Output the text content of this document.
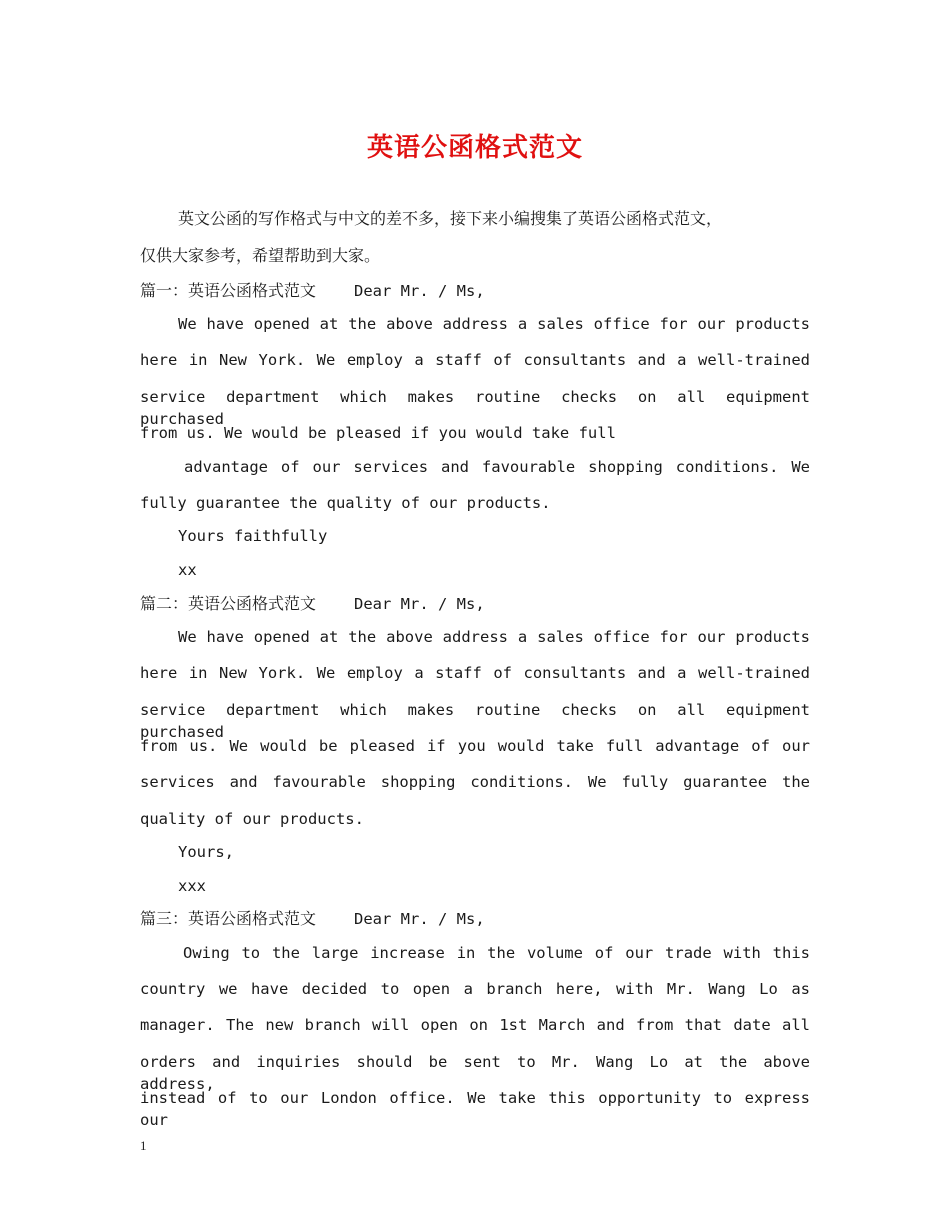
英语公函格式范文
英文公函的写作格式与中文的差不多，接下来小编搜集了英语公函格式范文，
仅供大家参考，希望帮助到大家。
篇一：英语公函格式范文 Dear Mr. / Ms,
We have opened at the above address a sales office for our products
here in New York. We employ a staff of consultants and a well-trained
service department which makes routine checks on all equipment purchased
from us. We would be pleased if you would take full
advantage of our services and favourable shopping conditions. We
fully guarantee the quality of our products.
Yours faithfully
xx
篇二：英语公函格式范文 Dear Mr. / Ms,
We have opened at the above address a sales office for our products
here in New York. We employ a staff of consultants and a well-trained
service department which makes routine checks on all equipment purchased
from us. We would be pleased if you would take full advantage of our
services and favourable shopping conditions. We fully guarantee the
quality of our products.
Yours,
xxx
篇三：英语公函格式范文 Dear Mr. / Ms,
Owing to the large increase in the volume of our trade with this
country we have decided to open a branch here, with Mr. Wang Lo as
manager. The new branch will open on 1st March and from that date all
orders and inquiries should be sent to Mr. Wang Lo at the above address,
instead of to our London office. We take this opportunity to express our
1
